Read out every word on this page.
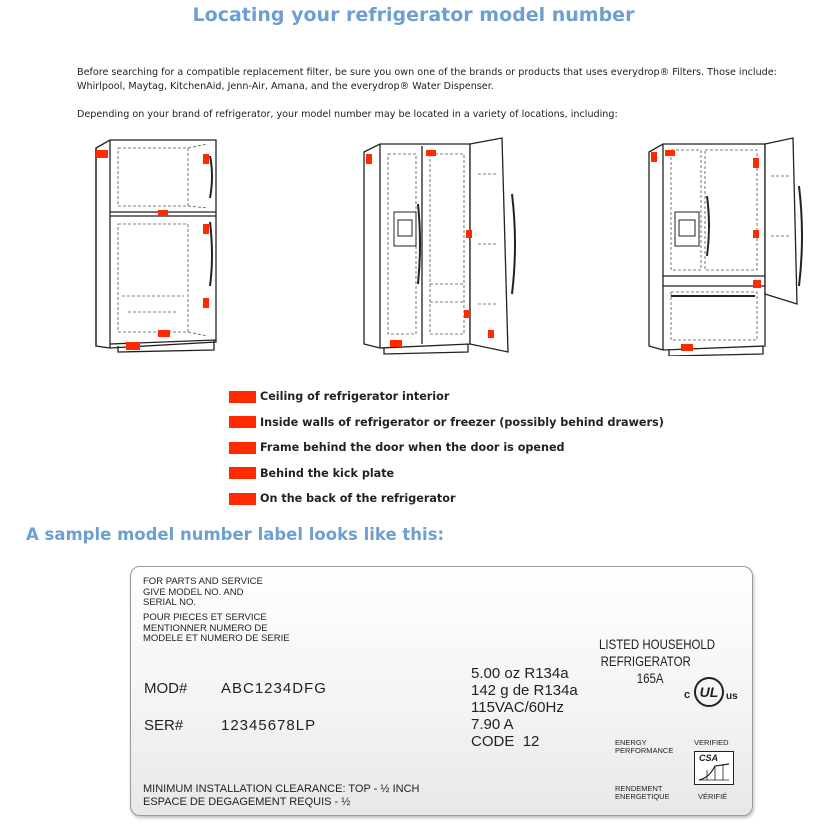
Locating your refrigerator model number
Before searching for a compatible replacement filter, be sure you own one of the brands or products that uses everydrop® Filters. Those include: Whirlpool, Maytag, KitchenAid, Jenn-Air, Amana, and the everydrop® Water Dispenser.
Depending on your brand of refrigerator, your model number may be located in a variety of locations, including:
Ceiling of refrigerator interior
Inside walls of refrigerator or freezer (possibly behind drawers)
Frame behind the door when the door is opened
Behind the kick plate
On the back of the refrigerator
A sample model number label looks like this:
FOR PARTS AND SERVICE
GIVE MODEL NO. AND
SERIAL NO.
POUR PIECES ET SERVICE
MENTIONNER NUMERO DE
MODELE ET NUMERO DE SERIE
MOD# ABC1234DFG
SER#	12345678LP
5.00 oz R134a
142 g de R134a
115VAC/60Hz
7.90 A
CODE 12
LISTED HOUSEHOLD
REFRIGERATOR
165A
c UL us
ENERGY
PERFORMANCE
VERIFIED
CSA
RENDEMENT
ENERGETIQUE	VÉRIFIÉ
MINIMUM INSTALLATION CLEARANCE: TOP - ½ INCH
ESPACE DE DEGAGEMENT REQUIS - ½
